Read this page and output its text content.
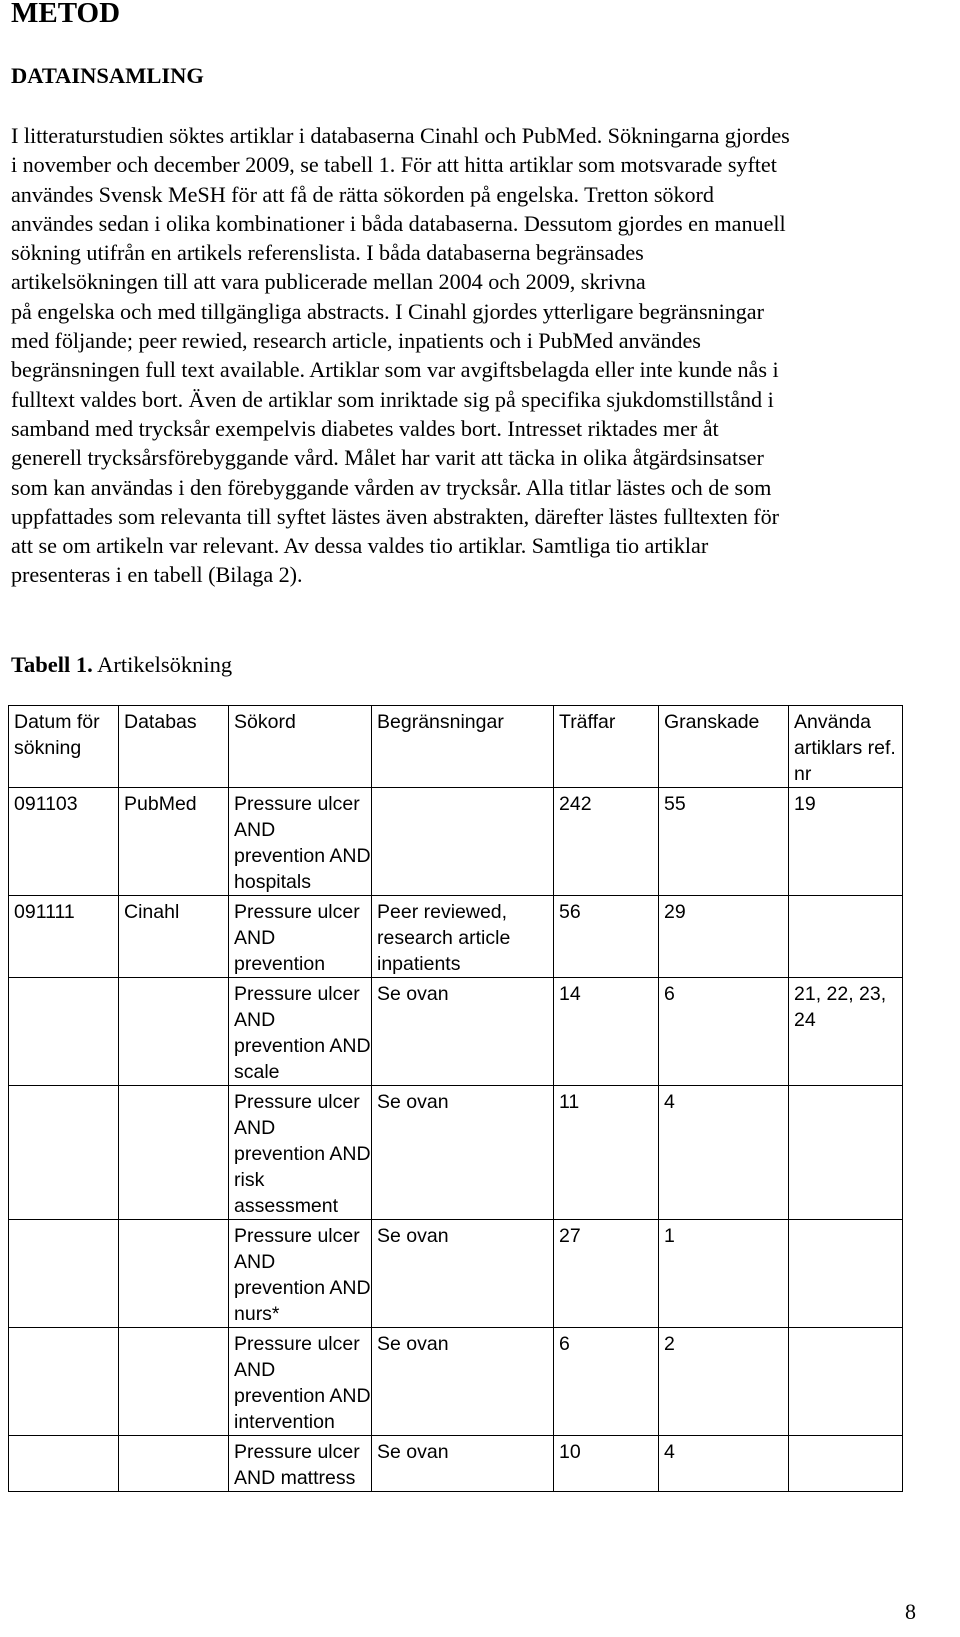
METOD
DATAINSAMLING

I litteraturstudien söktes artiklar i databaserna Cinahl och PubMed. Sökningarna gjordes
i november och december 2009, se tabell 1. För att hitta artiklar som motsvarade syftet
användes Svensk MeSH för att få de rätta sökorden på engelska. Tretton sökord
användes sedan i olika kombinationer i båda databaserna. Dessutom gjordes en manuell
sökning utifrån en artikels referenslista. I båda databaserna begränsades
artikelsökningen till att vara publicerade mellan 2004 och 2009, skrivna
på engelska och med tillgängliga abstracts. I Cinahl gjordes ytterligare begränsningar
med följande; peer rewied, research article, inpatients och i PubMed användes
begränsningen full text available. Artiklar som var avgiftsbelagda eller inte kunde nås i
fulltext valdes bort. Även de artiklar som inriktade sig på specifika sjukdomstillstånd i
samband med trycksår exempelvis diabetes valdes bort. Intresset riktades mer åt
generell trycksårsförebyggande vård. Målet har varit att täcka in olika åtgärdsinsatser
som kan användas i den förebyggande vården av trycksår. Alla titlar lästes och de som
uppfattades som relevanta till syftet lästes även abstrakten, därefter lästes fulltexten för
att se om artikeln var relevant. Av dessa valdes tio artiklar. Samtliga tio artiklar
presenteras i en tabell (Bilaga 2).

Tabell 1. Artikelsökning

Datum för sökning	Databas	Sökord	Begränsningar	Träffar	Granskade	Använda artiklars ref. nr
091103	PubMed	Pressure ulcer AND prevention AND hospitals		242	55	19
091111	Cinahl	Pressure ulcer AND prevention	Peer reviewed, research article inpatients	56	29	
		Pressure ulcer AND prevention AND scale	Se ovan	14	6	21, 22, 23, 24
		Pressure ulcer AND prevention AND risk assessment	Se ovan	11	4	
		Pressure ulcer AND prevention AND nurs*	Se ovan	27	1	
		Pressure ulcer AND prevention AND intervention	Se ovan	6	2	
		Pressure ulcer AND mattress	Se ovan	10	4	

8
